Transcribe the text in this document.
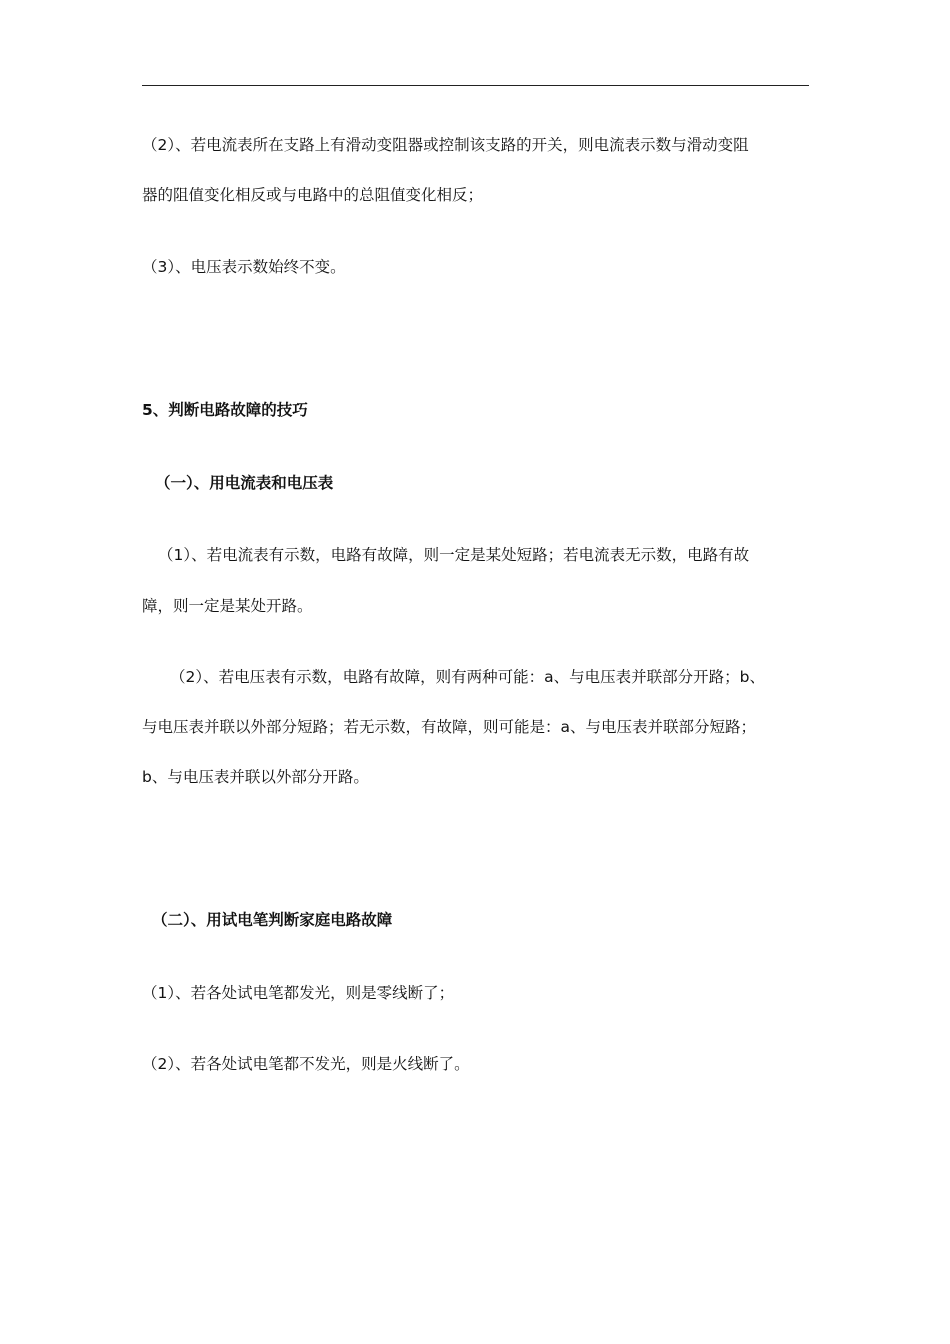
（2）、若电流表所在支路上有滑动变阻器或控制该支路的开关，则电流表示数与滑动变阻
器的阻值变化相反或与电路中的总阻值变化相反；
（3）、电压表示数始终不变。
5、判断电路故障的技巧
（一）、用电流表和电压表
（1）、若电流表有示数，电路有故障，则一定是某处短路；若电流表无示数，电路有故
障，则一定是某处开路。
（2）、若电压表有示数，电路有故障，则有两种可能：a、与电压表并联部分开路；b、
与电压表并联以外部分短路；若无示数，有故障，则可能是：a、与电压表并联部分短路；
b、与电压表并联以外部分开路。
（二）、用试电笔判断家庭电路故障
（1）、若各处试电笔都发光，则是零线断了；
（2）、若各处试电笔都不发光，则是火线断了。
